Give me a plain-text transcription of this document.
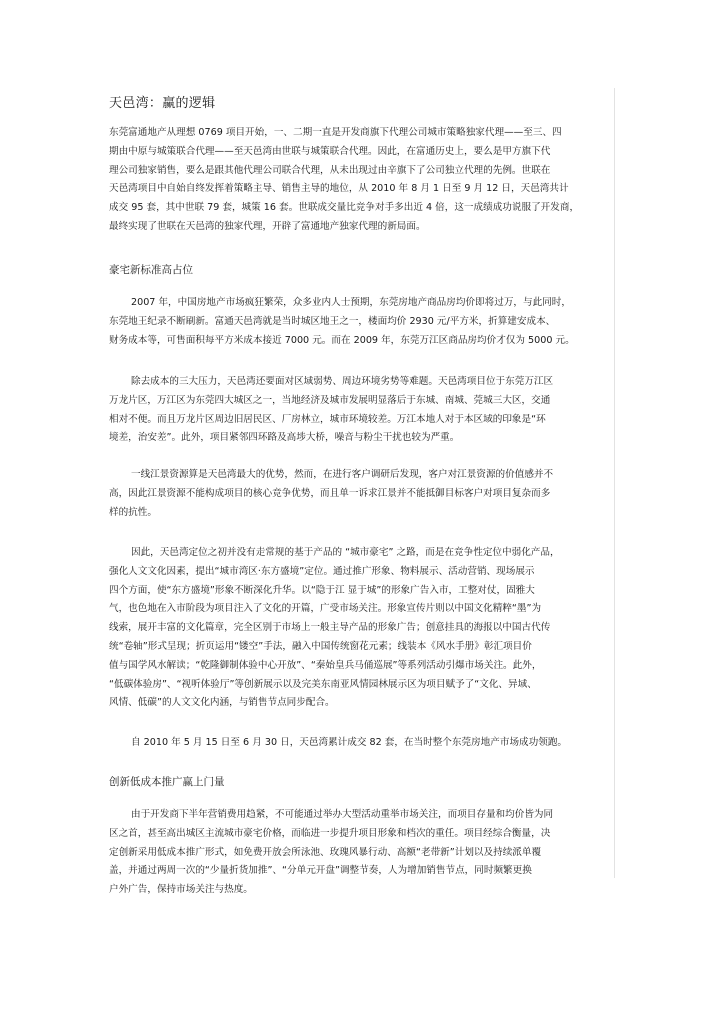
天邑湾：赢的逻辑

东莞富通地产从理想 0769 项目开始，一、二期一直是开发商旗下代理公司城市策略独家代理——至三、四

期由中原与城策联合代理——至天邑湾由世联与城策联合代理。因此，在富通历史上，要么是甲方旗下代

理公司独家销售，要么是跟其他代理公司联合代理，从未出现过由辛旗下了公司独立代理的先例。世联在

天邑湾项目中自始自终发挥着策略主导、销售主导的地位，从 2010 年 8 月 1 日至 9 月 12 日，天邑湾共计

成交 95 套，其中世联 79 套，城策 16 套。世联成交量比竞争对手多出近 4 倍，这一成绩成功说服了开发商，

最终实现了世联在天邑湾的独家代理，开辟了富通地产独家代理的新局面。

豪宅新标准高占位

2007 年，中国房地产市场疯狂繁荣，众多业内人士预期，东莞房地产商品房均价即将过万，与此同时，

东莞地王纪录不断刷新。富通天邑湾就是当时城区地王之一，楼面均价 2930 元/平方米，折算建安成本、

财务成本等，可售面积每平方米成本接近 7000 元。而在 2009 年，东莞万江区商品房均价才仅为 5000 元。

除去成本的三大压力，天邑湾还要面对区域弱势、周边环境劣势等难题。天邑湾项目位于东莞万江区

万龙片区，万江区为东莞四大城区之一，当地经济及城市发展明显落后于东城、南城、莞城三大区，交通

相对不便。而且万龙片区周边旧居民区、厂房林立，城市环境较差。万江本地人对于本区域的印象是“环

境差，治安差”。此外，项目紧邻四环路及高埗大桥，噪音与粉尘干扰也较为严重。

一线江景资源算是天邑湾最大的优势，然而，在进行客户调研后发现，客户对江景资源的价值感并不

高，因此江景资源不能构成项目的核心竞争优势，而且单一诉求江景并不能抵御目标客户对项目复杂而多

样的抗性。

因此，天邑湾定位之初并没有走常规的基于产品的 “城市豪宅” 之路，而是在竞争性定位中弱化产品，

强化人文文化因素，提出“城市湾区·东方盛境”定位。通过推广形象、物料展示、活动营销、现场展示

四个方面，使“东方盛境”形象不断深化升华。以“隐于江 显于城”的形象广告入市，工整对仗，固雅大

气，也色地在入市阶段为项目注入了文化的开篇，广受市场关注。形象宣传片则以中国文化精粹“墨”为

线索，展开丰富的文化篇章，完全区别于市场上一般主导产品的形象广告；创意挂具的海报以中国古代传

统“卷轴”形式呈现；折页运用“镂空”手法，融入中国传统窗花元素；线装本《风水手册》彰汇项目价

值与国学风水解读；“乾隆御制体验中心开放”、“秦始皇兵马俑巡展”等系列活动引爆市场关注。此外，

“低碳体验房”、“视听体验厅”等创新展示以及完美东南亚风情园林展示区为项目赋予了“文化、异域、

风情、低碳”的人文文化内涵，与销售节点同步配合。

自 2010 年 5 月 15 日至 6 月 30 日，天邑湾累计成交 82 套，在当时整个东莞房地产市场成功领跑。

创新低成本推广赢上门量

由于开发商下半年营销费用趋紧，不可能通过举办大型活动重举市场关注，而项目存量和均价皆为同

区之首，甚至高出城区主流城市豪宅价格，而临进一步提升项目形象和档次的重任。项目经综合衡量，决

定创新采用低成本推广形式，如免费开放会所泳池、玫瑰风暴行动、高额“老带新”计划以及持续派单覆

盖，并通过两周一次的“少量折货加推”、“分单元开盘”调整节奏，人为增加销售节点，同时频繁更换

户外广告，保持市场关注与热度。
